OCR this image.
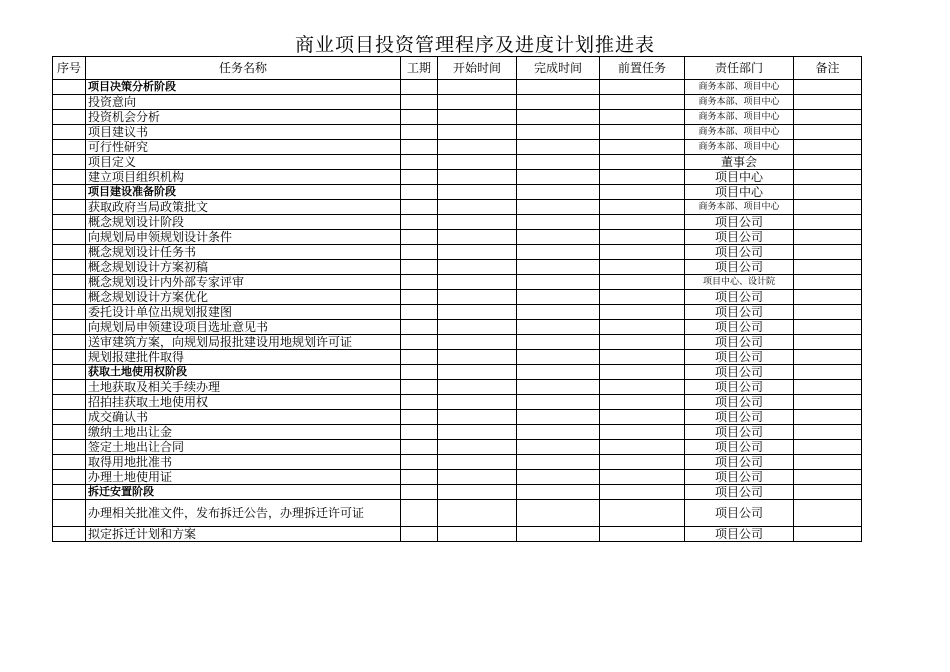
商业项目投资管理程序及进度计划推进表
序号	任务名称	工期	开始时间	完成时间	前置任务	责任部门	备注
	项目决策分析阶段					商务本部、项目中心	
	投资意向					商务本部、项目中心	
	投资机会分析					商务本部、项目中心	
	项目建议书					商务本部、项目中心	
	可行性研究					商务本部、项目中心	
	项目定义					董事会	
	建立项目组织机构					项目中心	
	项目建设准备阶段					项目中心	
	获取政府当局政策批文					商务本部、项目中心	
	概念规划设计阶段					项目公司	
	向规划局申领规划设计条件					项目公司	
	概念规划设计任务书					项目公司	
	概念规划设计方案初稿					项目公司	
	概念规划设计内外部专家评审					项目中心、设计院	
	概念规划设计方案优化					项目公司	
	委托设计单位出规划报建图					项目公司	
	向规划局申领建设项目选址意见书					项目公司	
	送审建筑方案，向规划局报批建设用地规划许可证					项目公司	
	规划报建批件取得					项目公司	
	获取土地使用权阶段					项目公司	
	土地获取及相关手续办理					项目公司	
	招拍挂获取土地使用权					项目公司	
	成交确认书					项目公司	
	缴纳土地出让金					项目公司	
	签定土地出让合同					项目公司	
	取得用地批准书					项目公司	
	办理土地使用证					项目公司	
	拆迁安置阶段					项目公司	
	办理相关批准文件，发布拆迁公告，办理拆迁许可证					项目公司	
	拟定拆迁计划和方案					项目公司	
